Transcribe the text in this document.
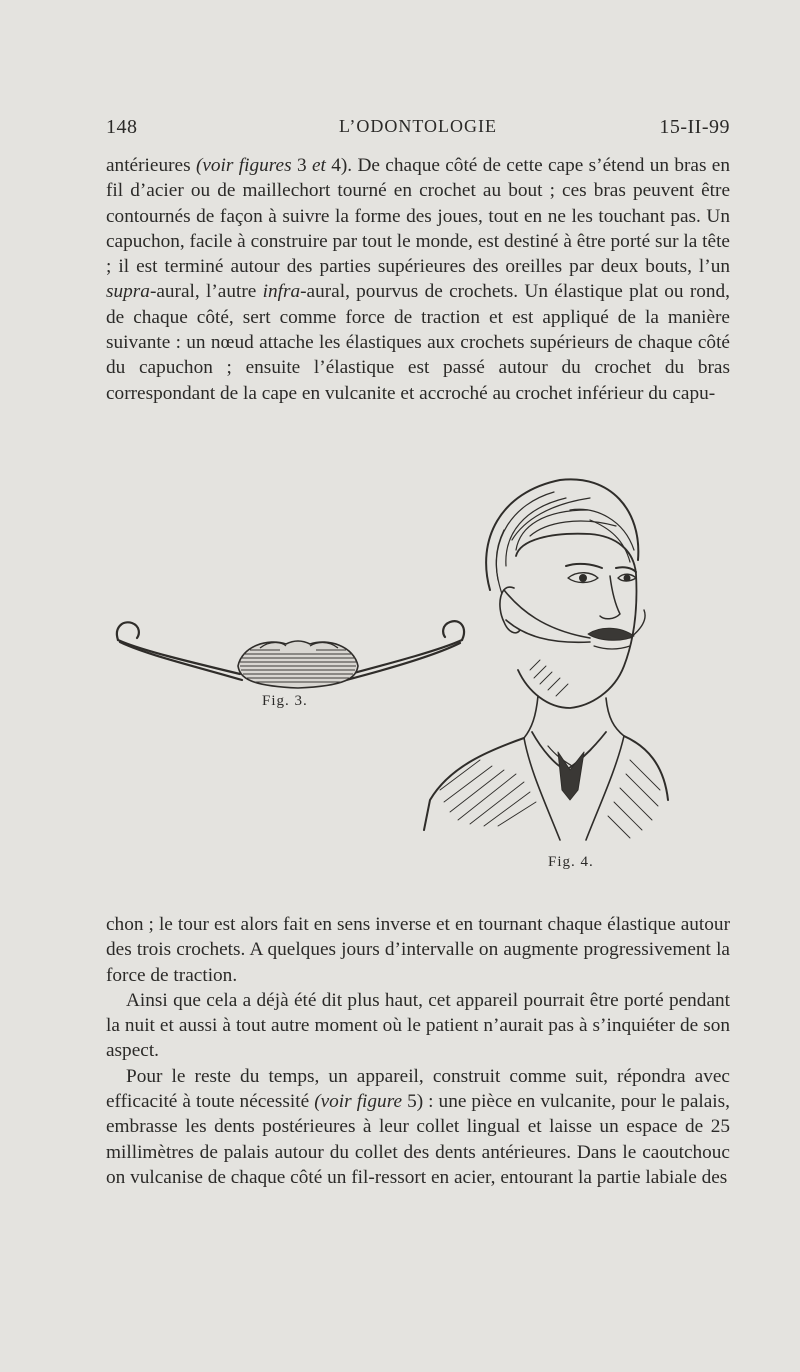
148	L’ODONTOLOGIE	15-II-99

antérieures (voir figures 3 et 4). De chaque côté de cette cape s’étend un bras en fil d’acier ou de maillechort tourné en crochet au bout ; ces bras peuvent être contournés de façon à suivre la forme des joues, tout en ne les touchant pas. Un capuchon, facile à construire par tout le monde, est destiné à être porté sur la tête ; il est terminé autour des parties supérieures des oreilles par deux bouts, l’un supra-aural, l’autre infra-aural, pourvus de crochets. Un élastique plat ou rond, de chaque côté, sert comme force de traction et est appliqué de la manière suivante : un nœud attache les élastiques aux crochets supérieurs de chaque côté du capuchon ; ensuite l’élastique est passé autour du crochet du bras correspondant de la cape en vulcanite et accroché au crochet inférieur du capu-

Fig. 3.
Fig. 4.

chon ; le tour est alors fait en sens inverse et en tournant chaque élastique autour des trois crochets. A quelques jours d’intervalle on augmente progressivement la force de traction.

Ainsi que cela a déjà été dit plus haut, cet appareil pourrait être porté pendant la nuit et aussi à tout autre moment où le patient n’aurait pas à s’inquiéter de son aspect.

Pour le reste du temps, un appareil, construit comme suit, répondra avec efficacité à toute nécessité (voir figure 5) : une pièce en vulcanite, pour le palais, embrasse les dents postérieures à leur collet lingual et laisse un espace de 25 millimètres de palais autour du collet des dents antérieures. Dans le caoutchouc on vulcanise de chaque côté un fil-ressort en acier, entourant la partie labiale des
